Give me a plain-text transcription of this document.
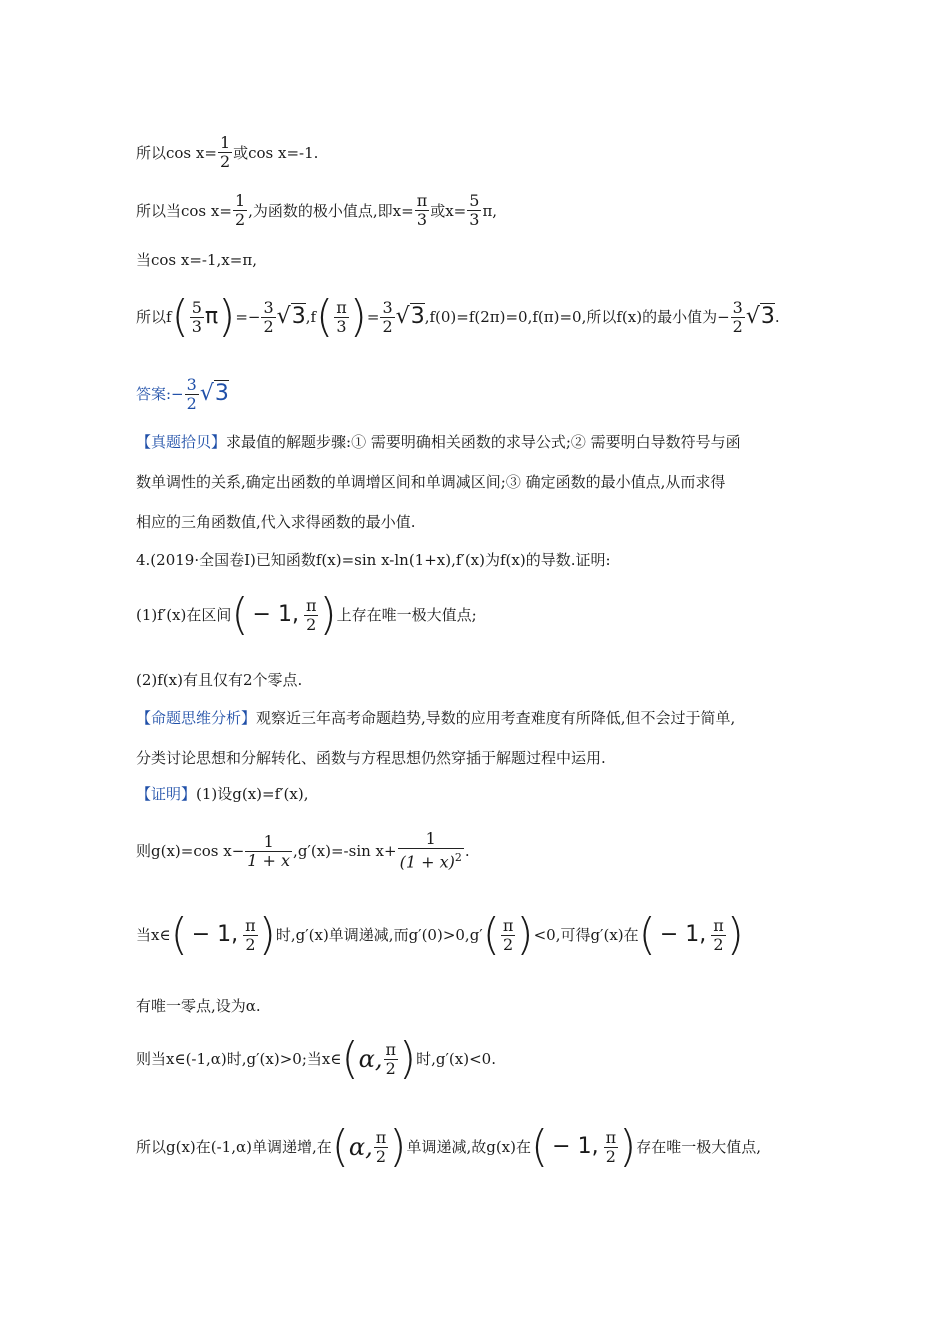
所以$\cos x= \frac{1}{2}$ 或cos x=-1.
所以当$\cos x= \frac{1}{2}$ ,为函数的极小值点,即$x= \frac{\pi}{3}$ 或$x= \frac{5}{3} \pi$,
当cos x=-1,x=π,
所以f ( $\frac{5}{3}$ π ) =− $\frac{3}{2} √3$ ,f ( $\frac{\pi}{3}$ ) = $\frac{3}{2} √3$ ,f(0)=f(2π)=0,f(π)=0,所以f(x)的最小值为− $\frac{3}{2} √3$ .
答案:− $\frac{3}{2} √3$
【真题拾贝】 求最值的解题步骤:① 需要明确相关函数的求导公式;② 需要明白导数符号与函
数单调性的关系,确定出函数的单调增区间和单调减区间;③ 确定函数的最小值点,从而求得
相应的三角函数值,代入求得函数的最小值.
4.(2019·全国卷Ⅰ)已知函数f(x)=sin x-ln(1+x),f′(x)为f(x)的导数.证明:
(1)f′(x)在区间 ( − 1, $\frac{\pi}{2}$ ) 上存在唯一极大值点;
(2)f(x)有且仅有2个零点.
【命题思维分析】 观察近三年高考命题趋势,导数的应用考查难度有所降低,但不会过于简单,
分类讨论思想和分解转化、函数与方程思想仍然穿插于解题过程中运用.
【证明】 (1)设g(x)=f′(x),
则g(x)=cos $x- \frac{1}{1 + x} ,g'(x)=-\sin$ $x+ \frac{1}{(1 + x)^2}$ .
当x∈ ( − 1, $\frac{\pi}{2}$ ) 时,g′(x)单调递减,而g′(0)>0,g′ ( $\frac{\pi}{2}$ ) <0,可得g′(x)在 ( − 1, $\frac{\pi}{2}$ )
有唯一零点,设为α.
则当x∈(-1,α)时,g′(x)>0;当x∈ ( α, $\frac{\pi}{2}$ ) 时,g′(x)<0.
所以g(x)在(-1,α)单调递增,在 ( α, $\frac{\pi}{2}$ ) 单调递减,故g(x)在 ( − 1, $\frac{\pi}{2}$ ) 存在唯一极大值点,
